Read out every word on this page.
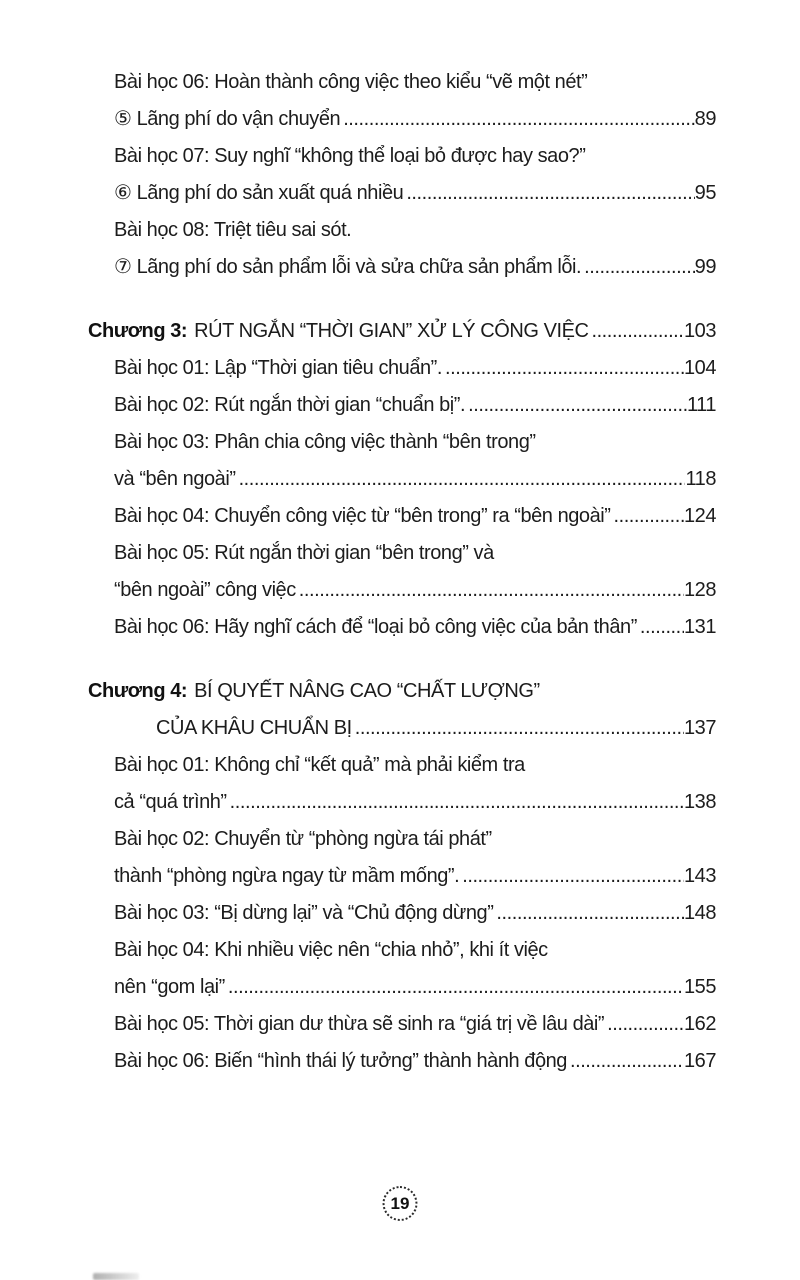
Bài học 06: Hoàn thành công việc theo kiểu “vẽ một nét”
⑤ Lãng phí do vận chuyển .....	89
Bài học 07: Suy nghĩ “không thể loại bỏ được hay sao?”
⑥ Lãng phí do sản xuất quá nhiều .....	95
Bài học 08: Triệt tiêu sai sót.
⑦ Lãng phí do sản phẩm lỗi và sửa chữa sản phẩm lỗi. .....	99
Chương 3: RÚT NGẮN “THỜI GIAN” XỬ LÝ CÔNG VIỆC .....	103
Bài học 01: Lập “Thời gian tiêu chuẩn”. .....	104
Bài học 02: Rút ngắn thời gian “chuẩn bị”. .....	111
Bài học 03: Phân chia công việc thành “bên trong”
và “bên ngoài” .....	118
Bài học 04: Chuyển công việc từ “bên trong” ra “bên ngoài” .....	124
Bài học 05: Rút ngắn thời gian “bên trong” và
“bên ngoài” công việc .....	128
Bài học 06: Hãy nghĩ cách để “loại bỏ công việc của bản thân” ..... 131
Chương 4: BÍ QUYẾT NÂNG CAO “CHẤT LƯỢNG”
CỦA KHÂU CHUẨN BỊ .....	137
Bài học 01: Không chỉ “kết quả” mà phải kiểm tra
cả “quá trình” .....	138
Bài học 02: Chuyển từ “phòng ngừa tái phát”
thành “phòng ngừa ngay từ mầm mống”. .....	143
Bài học 03: “Bị dừng lại” và “Chủ động dừng” .....	148
Bài học 04: Khi nhiều việc nên “chia nhỏ”, khi ít việc
nên “gom lại” .....	155
Bài học 05: Thời gian dư thừa sẽ sinh ra “giá trị về lâu dài” .....	162
Bài học 06: Biến “hình thái lý tưởng” thành hành động .....	167
19
